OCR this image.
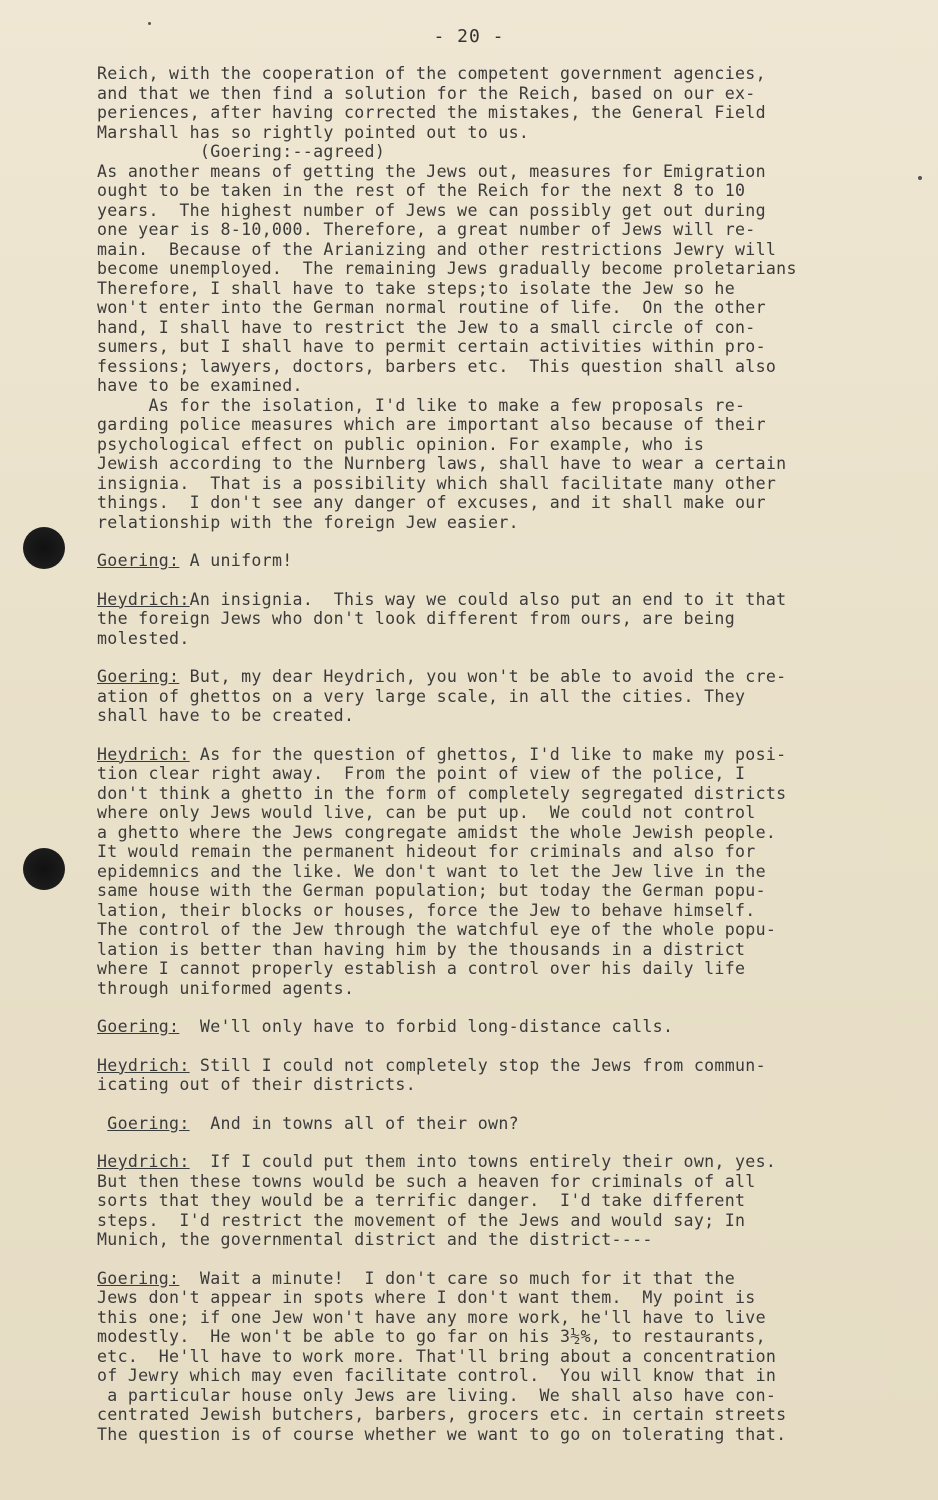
- 20 -
Reich, with the cooperation of the competent government agencies,
and that we then find a solution for the Reich, based on our ex-
periences, after having corrected the mistakes, the General Field
Marshall has so rightly pointed out to us.
(Goering:--agreed)
As another means of getting the Jews out, measures for Emigration
ought to be taken in the rest of the Reich for the next 8 to 10
years.  The highest number of Jews we can possibly get out during
one year is 8-10,000. Therefore, a great number of Jews will re-
main.  Because of the Arianizing and other restrictions Jewry will
become unemployed.  The remaining Jews gradually become proletarians
Therefore, I shall have to take steps;to isolate the Jew so he
won't enter into the German normal routine of life.  On the other
hand, I shall have to restrict the Jew to a small circle of con-
sumers, but I shall have to permit certain activities within pro-
fessions; lawyers, doctors, barbers etc.  This question shall also
have to be examined.
As for the isolation, I'd like to make a few proposals re-
garding police measures which are important also because of their
psychological effect on public opinion. For example, who is
Jewish according to the Nurnberg laws, shall have to wear a certain
insignia.  That is a possibility which shall facilitate many other
things.  I don't see any danger of excuses, and it shall make our
relationship with the foreign Jew easier.
Goering: A uniform!
Heydrich:An insignia.  This way we could also put an end to it that
the foreign Jews who don't look different from ours, are being
molested.
Goering: But, my dear Heydrich, you won't be able to avoid the cre-
ation of ghettos on a very large scale, in all the cities. They
shall have to be created.
Heydrich: As for the question of ghettos, I'd like to make my posi-
tion clear right away.  From the point of view of the police, I
don't think a ghetto in the form of completely segregated districts
where only Jews would live, can be put up.  We could not control
a ghetto where the Jews congregate amidst the whole Jewish people.
It would remain the permanent hideout for criminals and also for
epidemnics and the like. We don't want to let the Jew live in the
same house with the German population; but today the German popu-
lation, their blocks or houses, force the Jew to behave himself.
The control of the Jew through the watchful eye of the whole popu-
lation is better than having him by the thousands in a district
where I cannot properly establish a control over his daily life
through uniformed agents.
Goering:  We'll only have to forbid long-distance calls.
Heydrich: Still I could not completely stop the Jews from commun-
icating out of their districts.
Goering:  And in towns all of their own?
Heydrich:  If I could put them into towns entirely their own, yes.
But then these towns would be such a heaven for criminals of all
sorts that they would be a terrific danger.  I'd take different
steps.  I'd restrict the movement of the Jews and would say; In
Munich, the governmental district and the district----
Goering:  Wait a minute!  I don't care so much for it that the
Jews don't appear in spots where I don't want them.  My point is
this one; if one Jew won't have any more work, he'll have to live
modestly.  He won't be able to go far on his 3½%, to restaurants,
etc.  He'll have to work more. That'll bring about a concentration
of Jewry which may even facilitate control.  You will know that in
a particular house only Jews are living.  We shall also have con-
centrated Jewish butchers, barbers, grocers etc. in certain streets
The question is of course whether we want to go on tolerating that.
